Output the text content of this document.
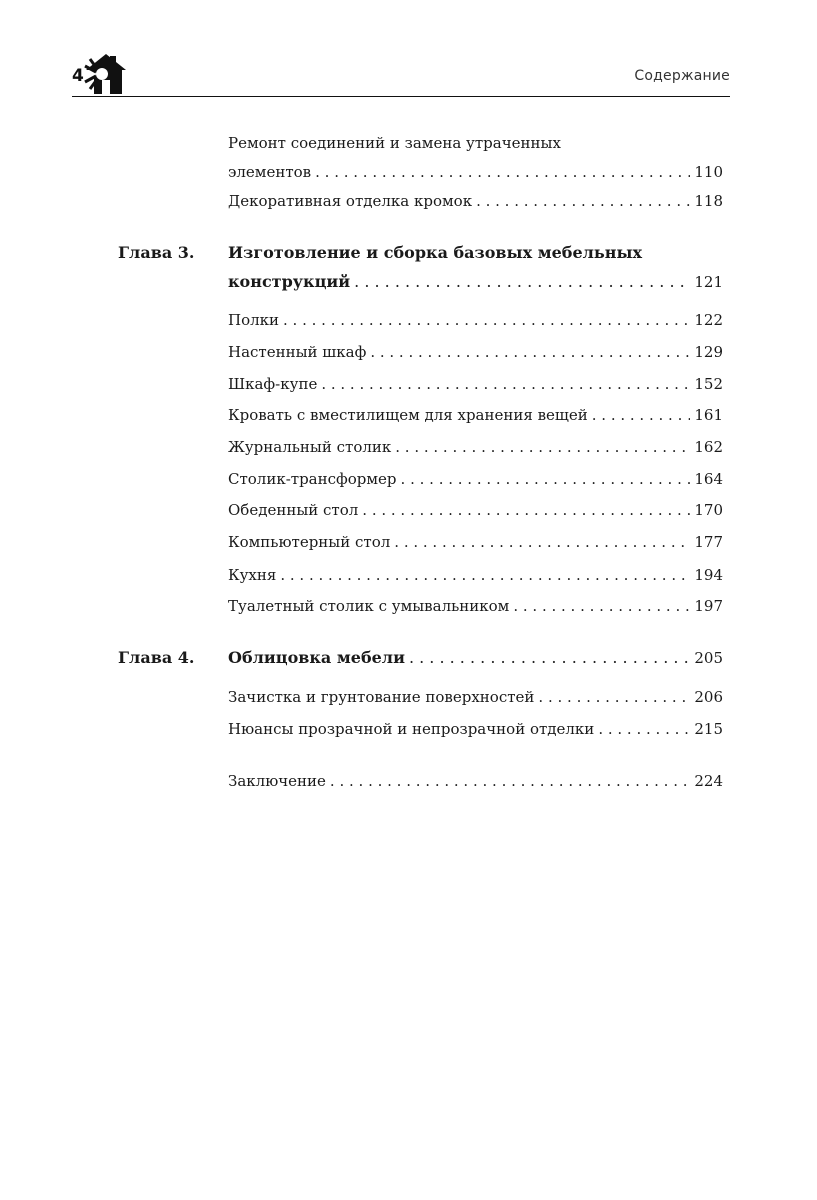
4	Содержание
Ремонт соединений и замена утраченных
элементов . . .	110
Декоративная отделка кромок . . .	118
Глава 3. Изготовление и сборка базовых мебельных
конструкций . . .	121
Полки . . .	122
Настенный шкаф . . .	129
Шкаф-купе . . .	152
Кровать с вместилищем для хранения вещей . . .	161
Журнальный столик . . .	162
Столик-трансформер . . .	164
Обеденный стол . . .	170
Компьютерный стол . . .	177
Кухня . . .	194
Туалетный столик с умывальником . . .	197
Глава 4. Облицовка мебели . . .	205
Зачистка и грунтование поверхностей . . .	206
Нюансы прозрачной и непрозрачной отделки . . .	215
Заключение . . .	224
